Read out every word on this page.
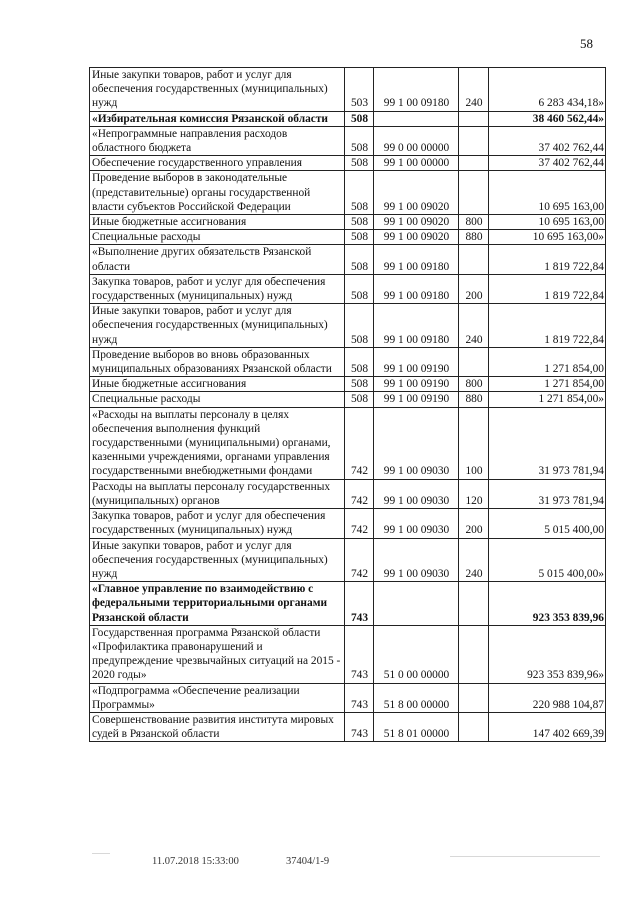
58
Иные закупки товаров, работ и услуг для обеспечения государственных (муниципальных) нужд	503	99 1 00 09180	240	6 283 434,18»
«Избирательная комиссия Рязанской области	508			38 460 562,44»
«Непрограммные направления расходов областного бюджета	508	99 0 00 00000		37 402 762,44
Обеспечение государственного управления	508	99 1 00 00000		37 402 762,44
Проведение выборов в законодательные (представительные) органы государственной власти субъектов Российской Федерации	508	99 1 00 09020		10 695 163,00
Иные бюджетные ассигнования	508	99 1 00 09020	800	10 695 163,00
Специальные расходы	508	99 1 00 09020	880	10 695 163,00»
«Выполнение других обязательств Рязанской области	508	99 1 00 09180		1 819 722,84
Закупка товаров, работ и услуг для обеспечения государственных (муниципальных) нужд	508	99 1 00 09180	200	1 819 722,84
Иные закупки товаров, работ и услуг для обеспечения государственных (муниципальных) нужд	508	99 1 00 09180	240	1 819 722,84
Проведение выборов во вновь образованных муниципальных образованиях Рязанской области	508	99 1 00 09190		1 271 854,00
Иные бюджетные ассигнования	508	99 1 00 09190	800	1 271 854,00
Специальные расходы	508	99 1 00 09190	880	1 271 854,00»
«Расходы на выплаты персоналу в целях обеспечения выполнения функций государственными (муниципальными) органами, казенными учреждениями, органами управления государственными внебюджетными фондами	742	99 1 00 09030	100	31 973 781,94
Расходы на выплаты персоналу государственных (муниципальных) органов	742	99 1 00 09030	120	31 973 781,94
Закупка товаров, работ и услуг для обеспечения государственных (муниципальных) нужд	742	99 1 00 09030	200	5 015 400,00
Иные закупки товаров, работ и услуг для обеспечения государственных (муниципальных) нужд	742	99 1 00 09030	240	5 015 400,00»
«Главное управление по взаимодействию с федеральными территориальными органами Рязанской области	743			923 353 839,96
Государственная программа Рязанской области «Профилактика правонарушений и предупреждение чрезвычайных ситуаций на 2015 - 2020 годы»	743	51 0 00 00000		923 353 839,96»
«Подпрограмма «Обеспечение реализации Программы»	743	51 8 00 00000		220 988 104,87
Совершенствование развития института мировых судей в Рязанской области	743	51 8 01 00000		147 402 669,39
11.07.2018 15:33:00	37404/1-9
